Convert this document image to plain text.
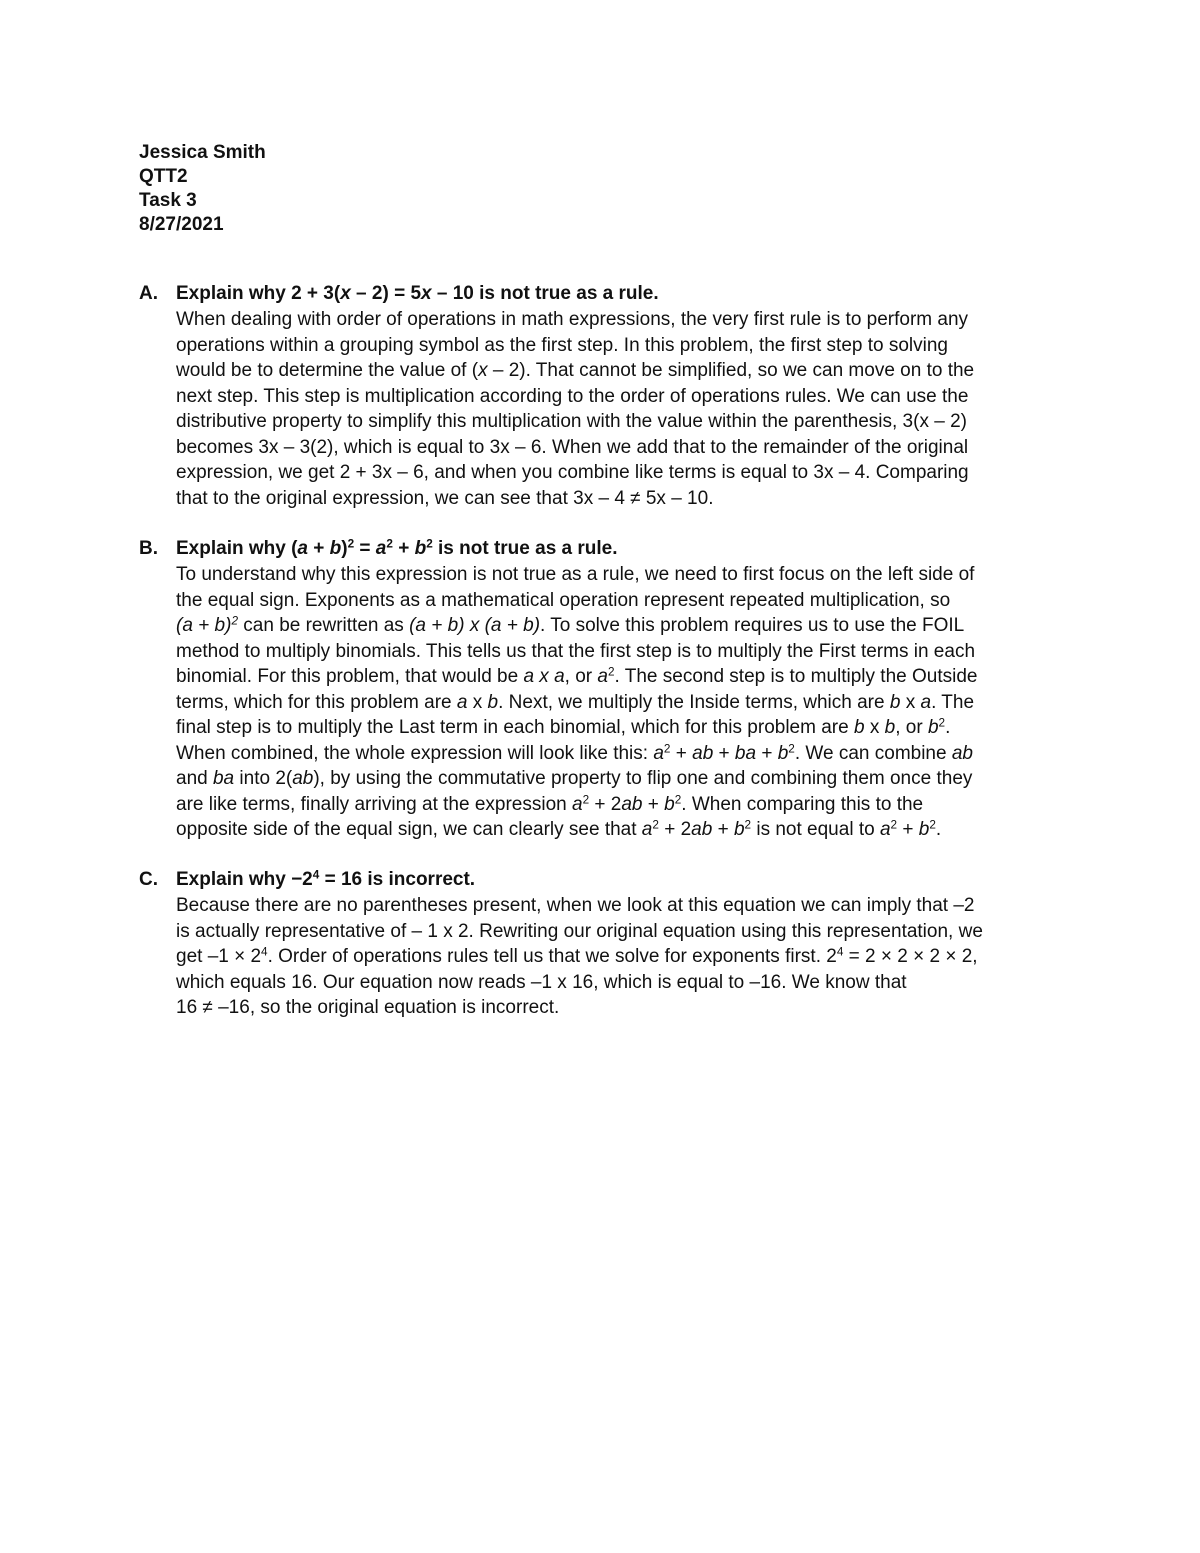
Jessica Smith
QTT2
Task 3
8/27/2021
A. Explain why 2 + 3(x – 2) = 5x – 10 is not true as a rule.
When dealing with order of operations in math expressions, the very first rule is to perform any
operations within a grouping symbol as the first step. In this problem, the first step to solving
would be to determine the value of (x – 2). That cannot be simplified, so we can move on to the
next step. This step is multiplication according to the order of operations rules. We can use the
distributive property to simplify this multiplication with the value within the parenthesis, 3(x – 2)
becomes 3x – 3(2), which is equal to 3x – 6. When we add that to the remainder of the original
expression, we get 2 + 3x – 6, and when you combine like terms is equal to 3x – 4. Comparing
that to the original expression, we can see that 3x – 4 ≠ 5x – 10.
B. Explain why $(a + b)^2 = a^2 + b^2$ is not true as a rule.
To understand why this expression is not true as a rule, we need to first focus on the left side of
the equal sign. Exponents as a mathematical operation represent repeated multiplication, so
$(a + b)^2$ can be rewritten as (a + b) x (a + b). To solve this problem requires us to use the FOIL
method to multiply binomials. This tells us that the first step is to multiply the First terms in each
binomial. For this problem, that would be a x a, or $a^2$. The second step is to multiply the Outside
terms, which for this problem are a x b. Next, we multiply the Inside terms, which are b x a. The
final step is to multiply the Last term in each binomial, which for this problem are b x b, or $b^2$.
When combined, the whole expression will look like this: $a^2$ + ab + ba + $b^2$. We can combine ab
and ba into 2(ab), by using the commutative property to flip one and combining them once they
are like terms, finally arriving at the expression $a^2 + 2ab + b^2$. When comparing this to the
opposite side of the equal sign, we can clearly see that $a^2 + 2ab + b^2$ is not equal to $a^2 + b^2$.
C. Explain why $-2^4 = 16$ is incorrect.
Because there are no parentheses present, when we look at this equation we can imply that –2
is actually representative of – 1 x 2. Rewriting our original equation using this representation, we
get $-1 \times 2^4$. Order of operations rules tell us that we solve for exponents first. $2^4 = 2 \times 2 \times 2 \times 2$,
which equals 16. Our equation now reads –1 x 16, which is equal to –16. We know that
16 ≠ –16, so the original equation is incorrect.
